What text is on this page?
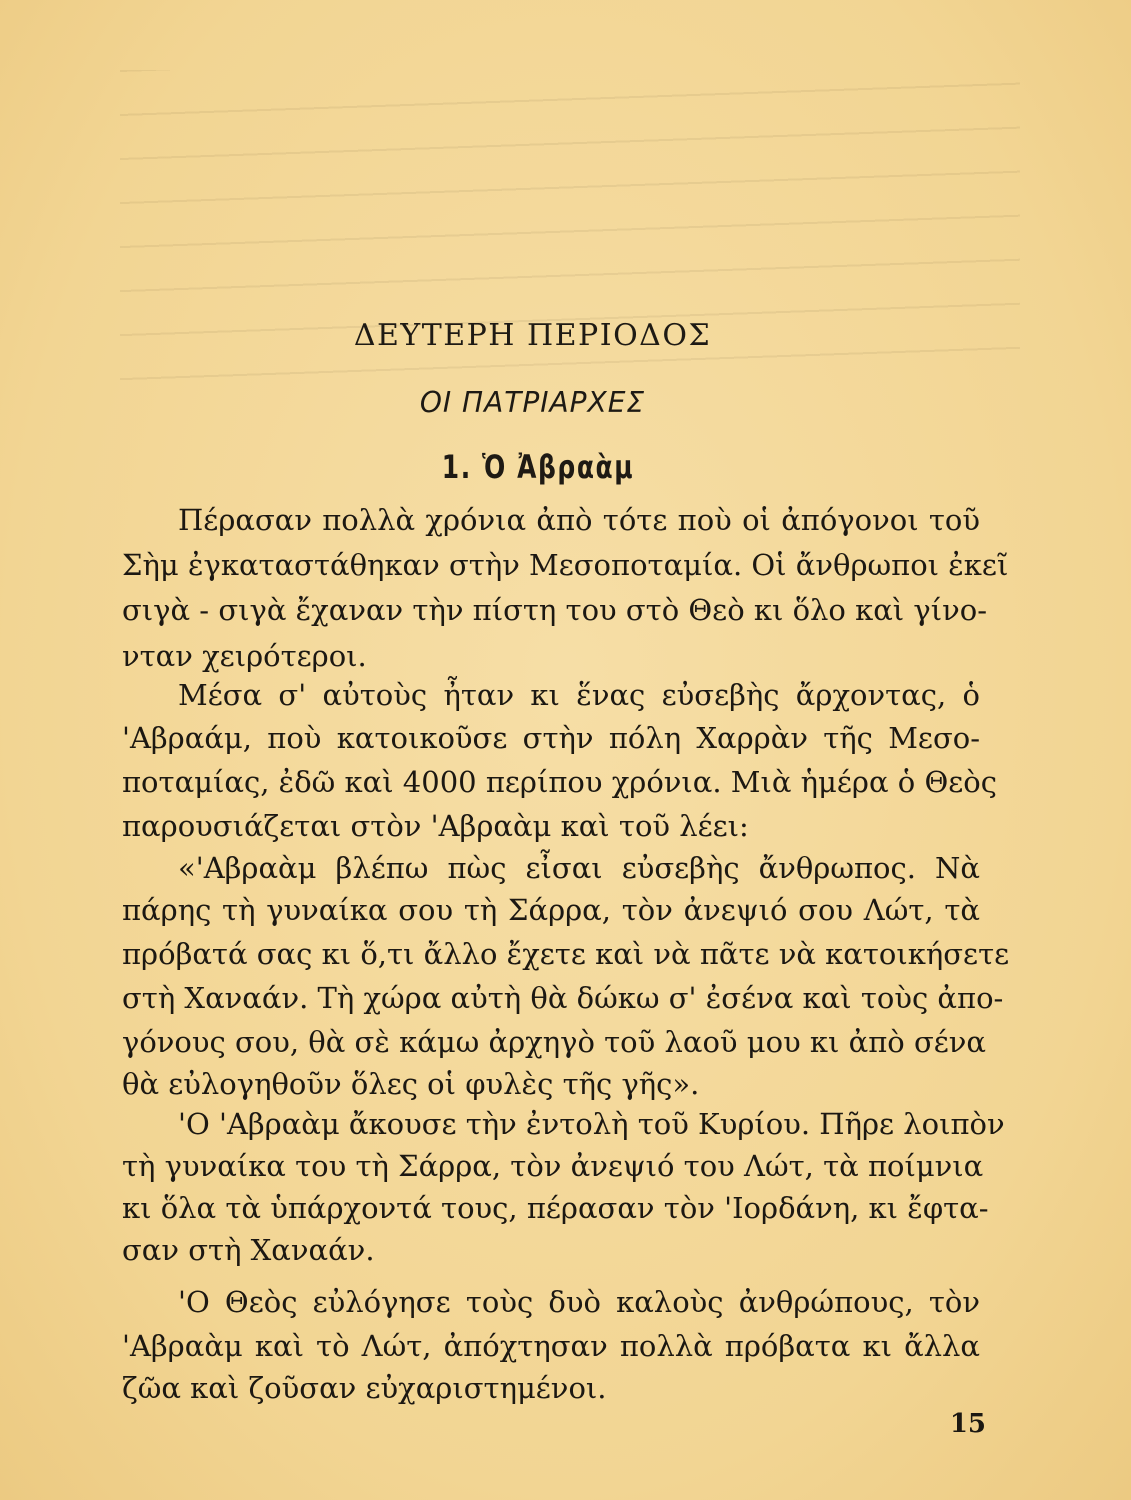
ΔΕΥΤΕΡΗ ΠΕΡΙΟΔΟΣ
ΟΙ ΠΑΤΡΙΑΡΧΕΣ
1. Ὁ Ἀβραὰμ
Πέρασαν πολλὰ χρόνια ἀπὸ τότε ποὺ οἱ ἀπόγονοι τοῦ
Σὴμ ἐγκαταστάθηκαν στὴν Μεσοποταμία. Οἱ ἄνθρωποι ἐκεῖ
σιγὰ - σιγὰ ἔχαναν τὴν πίστη του στὸ Θεὸ κι ὅλο καὶ γίνο-
νταν χειρότεροι.
Μέσα σ' αὐτοὺς ἦταν κι ἕνας εὐσεβὴς ἄρχοντας, ὁ
'Αβραάμ, ποὺ κατοικοῦσε στὴν πόλη Χαρρὰν τῆς Μεσο-
ποταμίας, ἐδῶ καὶ 4000 περίπου χρόνια. Μιὰ ἡμέρα ὁ Θεὸς
παρουσιάζεται στὸν 'Αβραὰμ καὶ τοῦ λέει:
«'Αβραὰμ βλέπω πὼς εἶσαι εὐσεβὴς ἄνθρωπος. Νὰ
πάρης τὴ γυναίκα σου τὴ Σάρρα, τὸν ἀνεψιό σου Λώτ, τὰ
πρόβατά σας κι ὅ,τι ἄλλο ἔχετε καὶ νὰ πᾶτε νὰ κατοικήσετε
στὴ Χαναάν. Τὴ χώρα αὐτὴ θὰ δώκω σ' ἐσένα καὶ τοὺς ἀπο-
γόνους σου, θὰ σὲ κάμω ἀρχηγὸ τοῦ λαοῦ μου κι ἀπὸ σένα
θὰ εὐλογηθοῦν ὅλες οἱ φυλὲς τῆς γῆς».
'Ο 'Αβραὰμ ἄκουσε τὴν ἐντολὴ τοῦ Κυρίου. Πῆρε λοιπὸν
τὴ γυναίκα του τὴ Σάρρα, τὸν ἀνεψιό του Λώτ, τὰ ποίμνια
κι ὅλα τὰ ὑπάρχοντά τους, πέρασαν τὸν 'Ιορδάνη, κι ἔφτα-
σαν στὴ Χαναάν.
'Ο Θεὸς εὐλόγησε τοὺς δυὸ καλοὺς ἀνθρώπους, τὸν
'Αβραὰμ καὶ τὸ Λώτ, ἀπόχτησαν πολλὰ πρόβατα κι ἄλλα
ζῶα καὶ ζοῦσαν εὐχαριστημένοι.
15
